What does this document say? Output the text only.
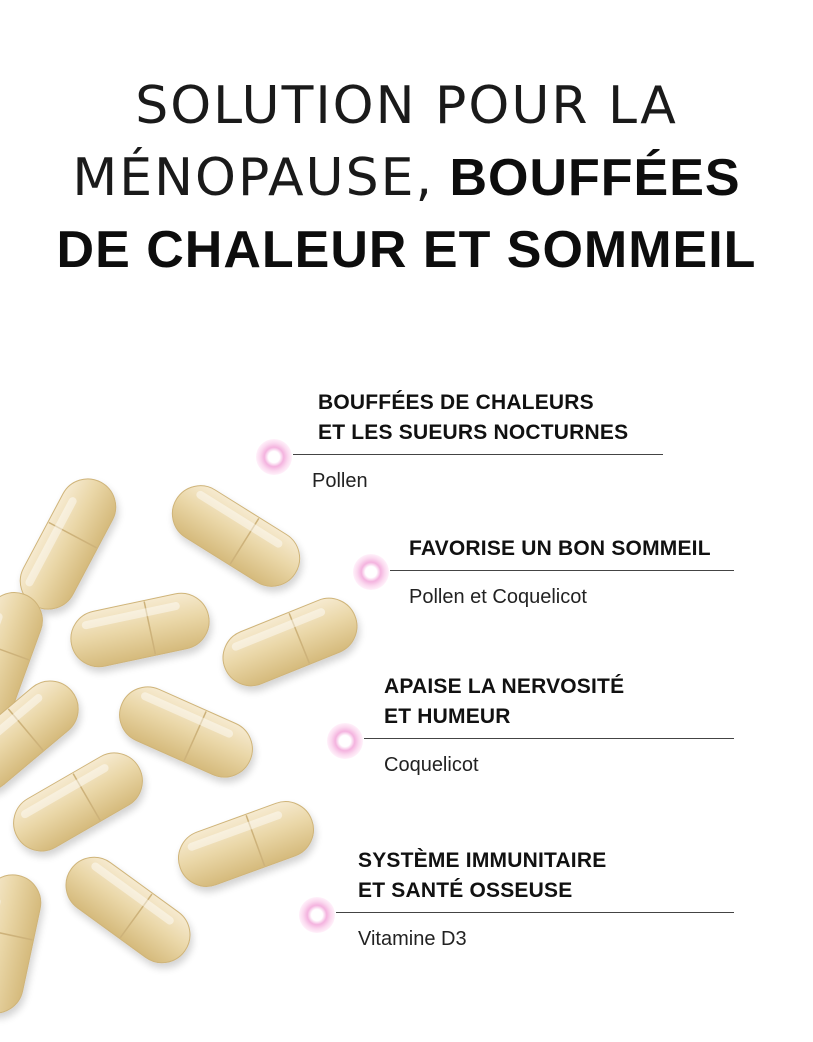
SOLUTION POUR LA
MÉNOPAUSE, BOUFFÉES
DE CHALEUR ET SOMMEIL
BOUFFÉES DE CHALEURS
ET LES SUEURS NOCTURNES
Pollen
FAVORISE UN BON SOMMEIL
Pollen et Coquelicot
APAISE LA NERVOSITÉ
ET HUMEUR
Coquelicot
SYSTÈME IMMUNITAIRE
ET SANTÉ OSSEUSE
Vitamine D3
